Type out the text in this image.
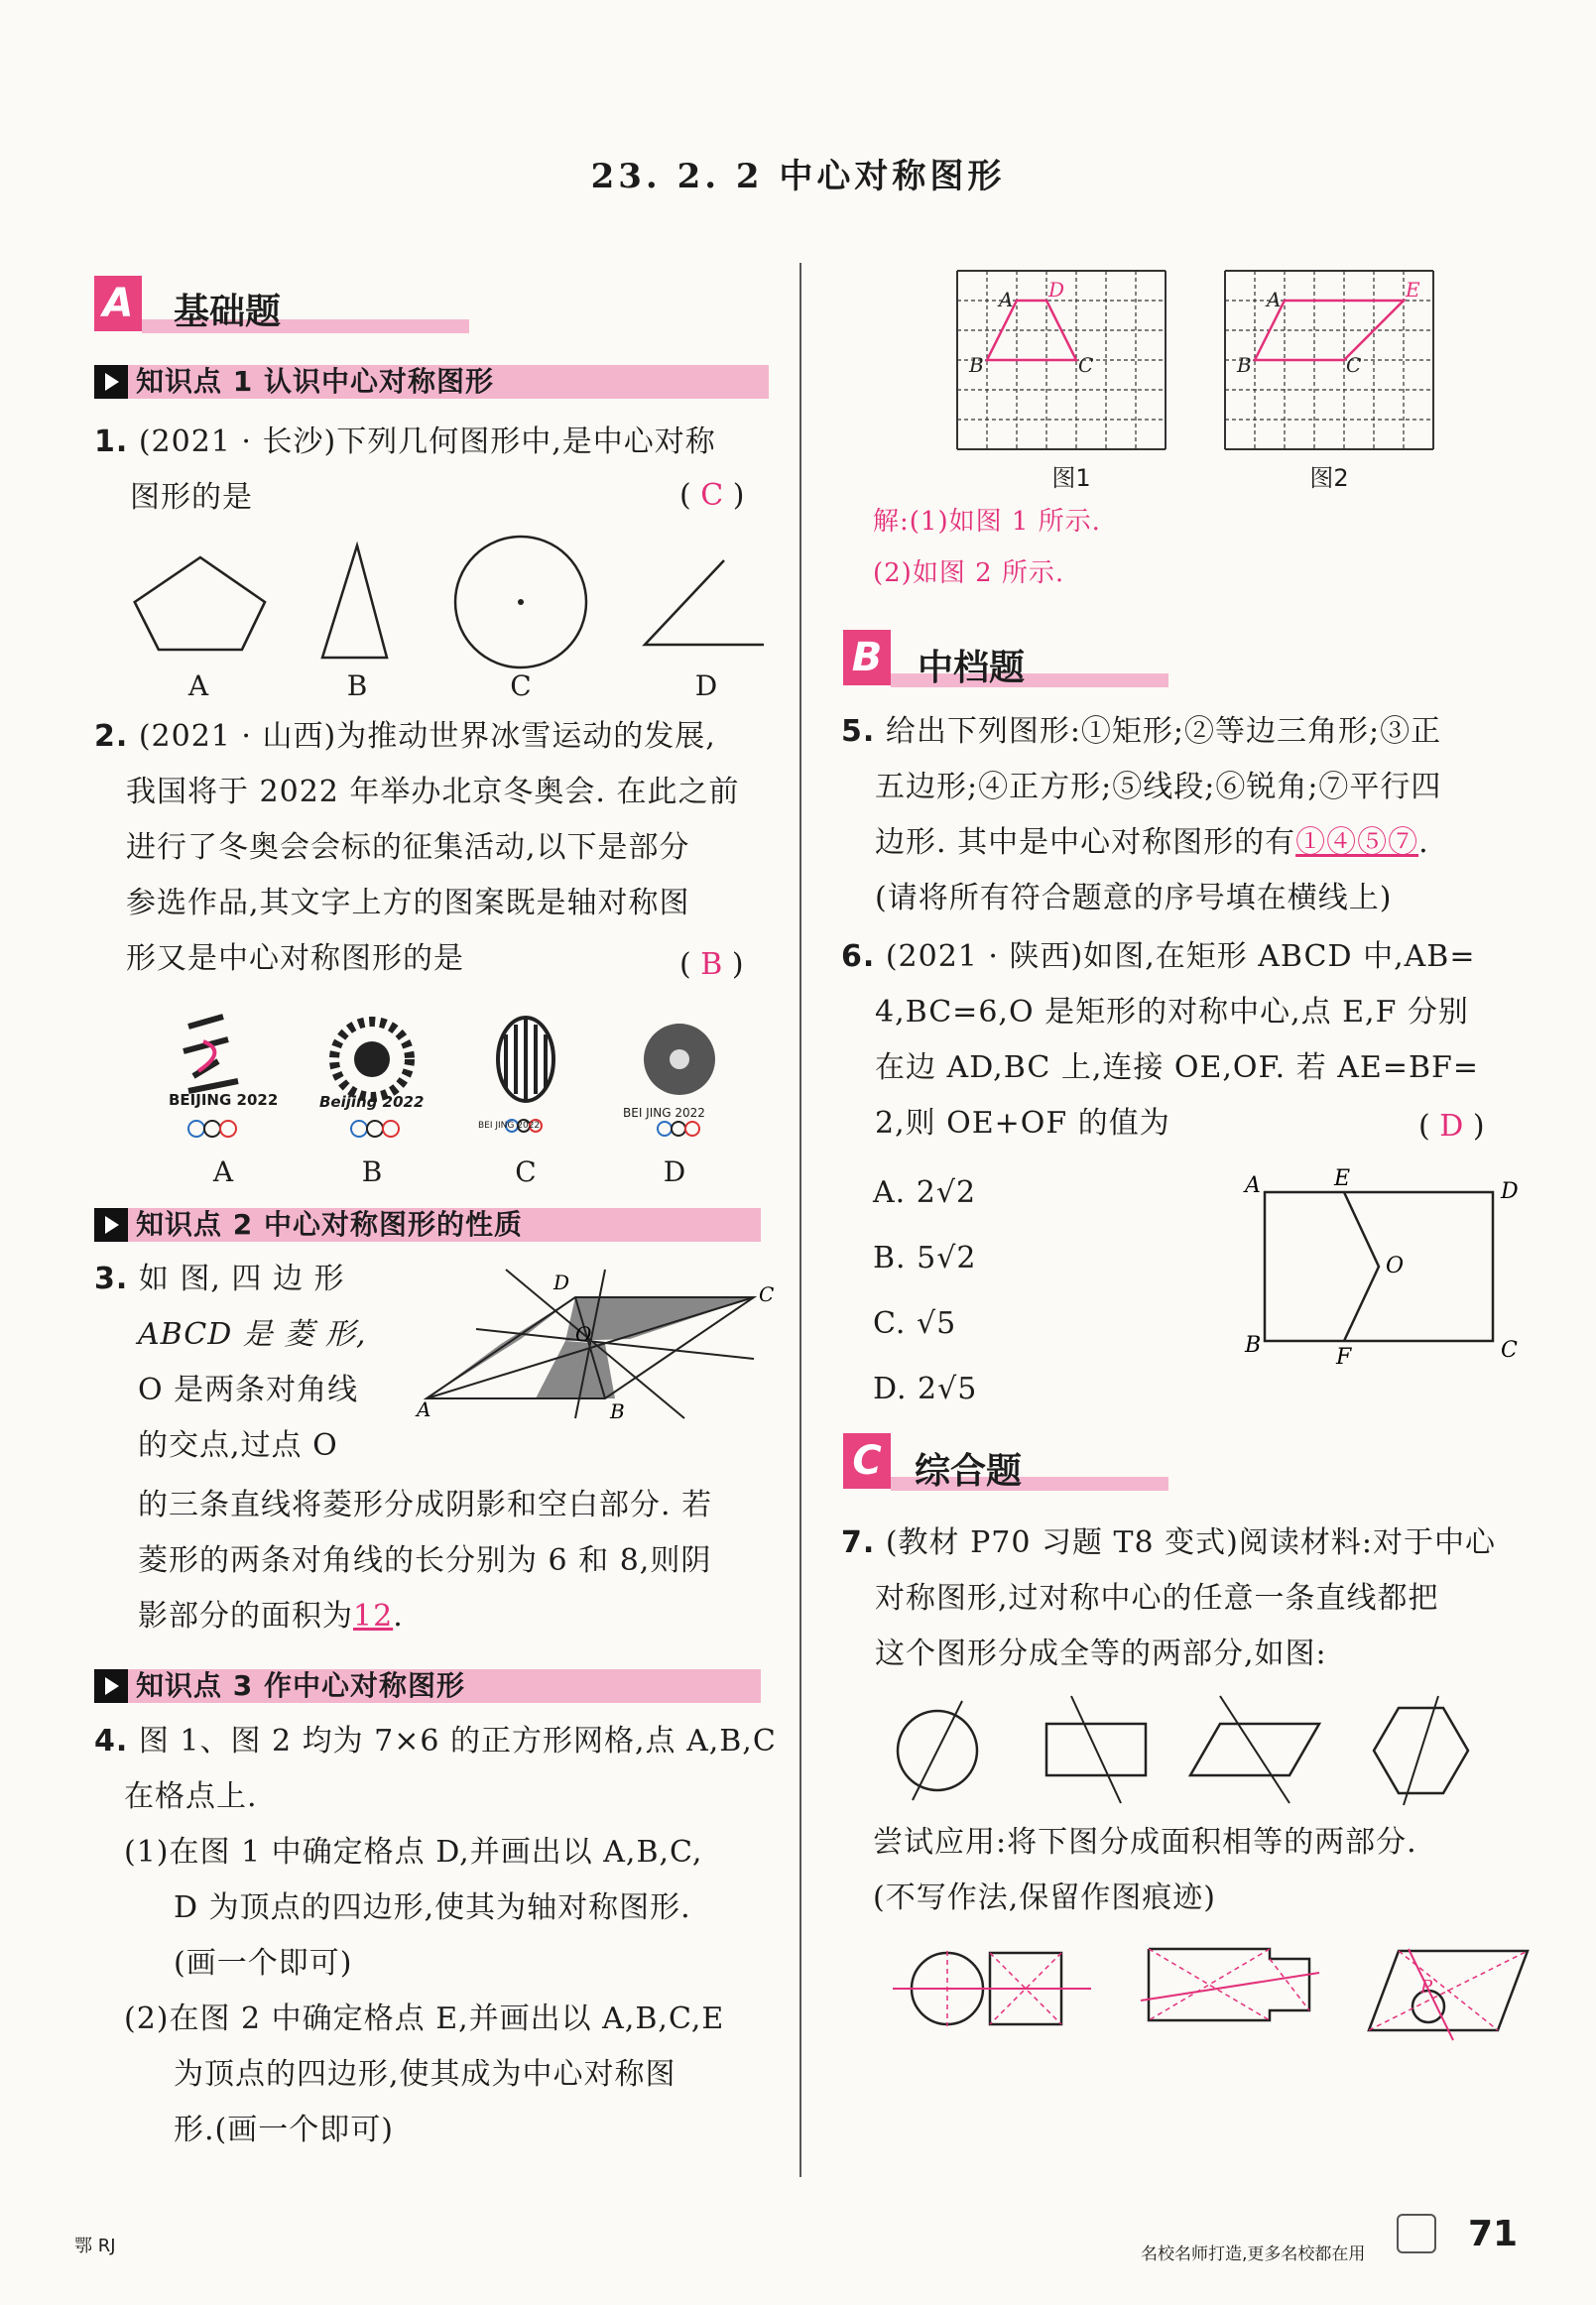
23. 2. 2 中心对称图形
A 基础题
知识点 1 认识中心对称图形
1. (2021 · 长沙)下列几何图形中,是中心对称
图形的是	( C )
A	B	C	D
2. (2021 · 山西)为推动世界冰雪运动的发展,
我国将于 2022 年举办北京冬奥会. 在此之前
进行了冬奥会会标的征集活动,以下是部分
参选作品,其文字上方的图案既是轴对称图
形又是中心对称图形的是	( B )
BEIJING 2022	Beijing 2022
BEI JING 2022
BEI JING 2022
A	B	C	D
知识点 2 中心对称图形的性质
3. 如 图, 四 边 形
ABCD 是 菱 形,
O 是两条对角线
的交点,过点 O
A	B
C
D
O
的三条直线将菱形分成阴影和空白部分. 若
菱形的两条对角线的长分别为 6 和 8,则阴
影部分的面积为12.
知识点 3 作中心对称图形
4. 图 1、图 2 均为 7×6 的正方形网格,点 A,B,C
在格点上.
(1)在图 1 中确定格点 D,并画出以 A,B,C,
D 为顶点的四边形,使其为轴对称图形.
(画一个即可)
(2)在图 2 中确定格点 E,并画出以 A,B,C,E
为顶点的四边形,使其成为中心对称图
形.(画一个即可)
A D
B	C
A	E
B	C
图1	图2
解:(1)如图 1 所示.
(2)如图 2 所示.
B 中档题
5. 给出下列图形:①矩形;②等边三角形;③正
五边形;④正方形;⑤线段;⑥锐角;⑦平行四
边形. 其中是中心对称图形的有①④⑤⑦.
(请将所有符合题意的序号填在横线上)
6. (2021 · 陕西)如图,在矩形 ABCD 中,AB=
4,BC=6,O 是矩形的对称中心,点 E,F 分别
在边 AD,BC 上,连接 OE,OF. 若 AE=BF=
2,则 OE+OF 的值为	( D )
A. 2√2
B. 5√2
C. √5
D. 2√5
A	E
D
O
B	F	C
C 综合题
7. (教材 P70 习题 T8 变式)阅读材料:对于中心
对称图形,过对称中心的任意一条直线都把
这个图形分成全等的两部分,如图:
尝试应用:将下图分成面积相等的两部分.
(不写作法,保留作图痕迹)
P
鄂 RJ	名校名师打造,更多名校都在用	71
